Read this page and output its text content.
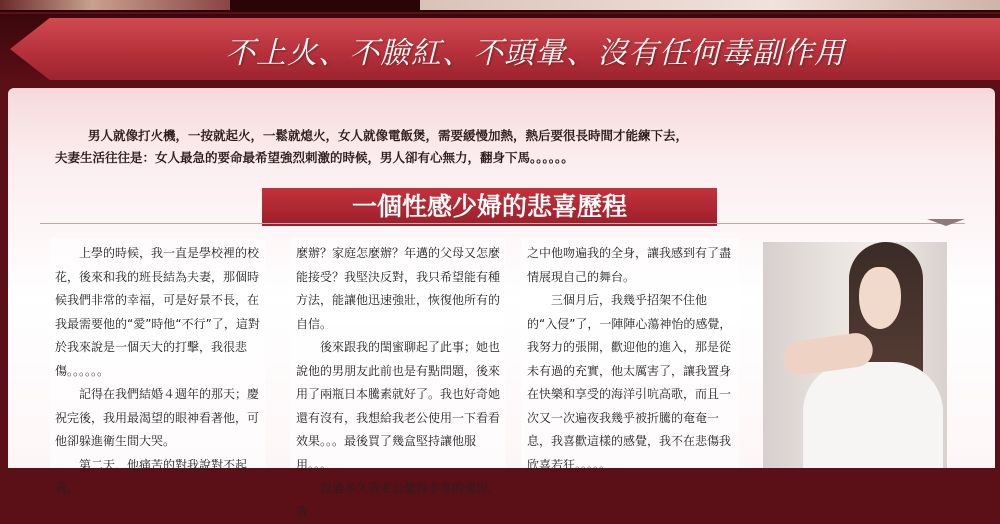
不上火、不臉紅、不頭暈、沒有任何毒副作用

男人就像打火機，一按就起火，一鬆就熄火，女人就像電飯煲，需要緩慢加熱，熱后要很長時間才能練下去，

夫妻生活往往是：女人最急的要命最希望強烈刺激的時候，男人卻有心無力，翻身下馬。。。。。。

一個性感少婦的悲喜歷程

上學的時候，我一直是學校裡的校花，後來和我的班長結為夫妻，那個時候我們非常的幸福，可是好景不長，在我最需要他的“愛”時他“不行”了，這對於我來說是一個天大的打擊，我很悲傷。。。。。。

記得在我們結婚４週年的那天；慶祝完後，我用最渴望的眼神看著他，可他卻躲進衛生間大哭。

第二天，他痛苦的對我說對不起我，

麼辦？家庭怎麼辦？年邁的父母又怎麼能接受？我堅決反對，我只希望能有種方法，能讓他迅速強壯，恢復他所有的自信。

後來跟我的閨蜜聊起了此事；她也說他的男朋友此前也是有點問題，後來用了兩瓶日本騰素就好了。我也好奇她還有沒有，我想給我老公使用一下看看效果。。。最後買了幾盒堅持讓他服用。。。

沒過多久我老公變得非常的強悍，我

之中他吻遍我的全身，讓我感到有了盡情展現自己的舞台。

三個月后，我幾乎招架不住他的“入侵”了，一陣陣心蕩神怡的感覺，我努力的張開，歡迎他的進入，那是從未有過的充實，他太厲害了，讓我置身在快樂和享受的海洋引吭高歌，而且一次又一次遍夜我幾乎被折騰的奄奄一息，我喜歡這樣的感覺，我不在悲傷我欣喜若狂。。。。。
